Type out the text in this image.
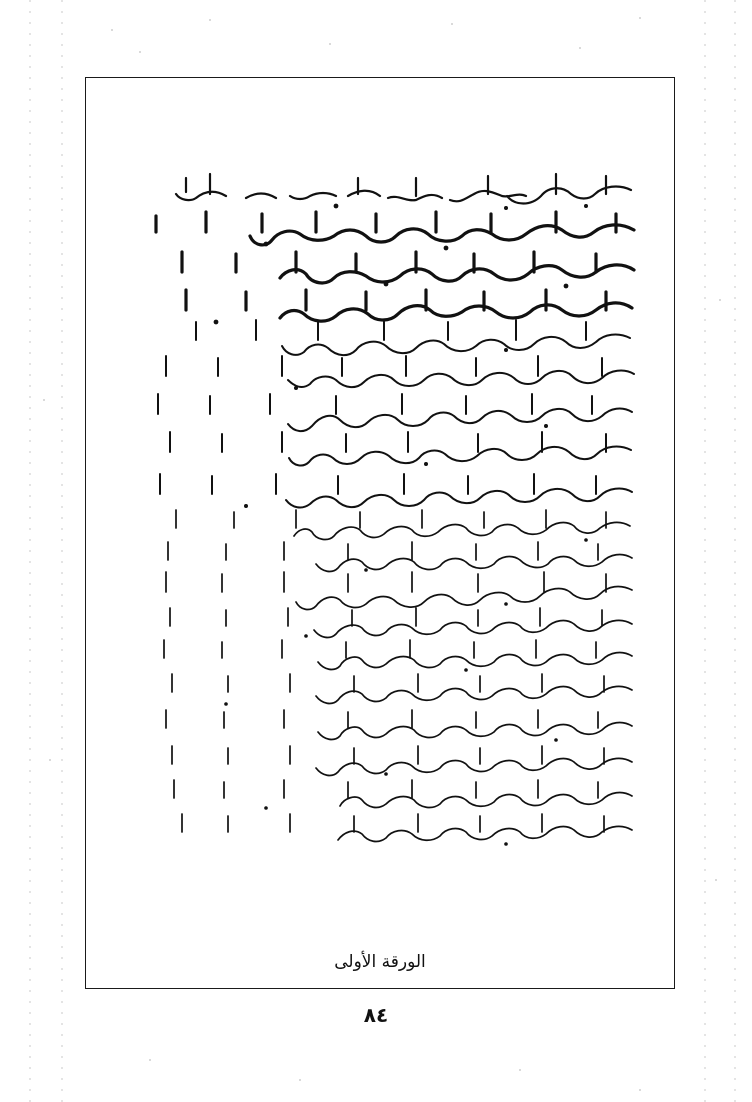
الورقة الأولى
٨٤
